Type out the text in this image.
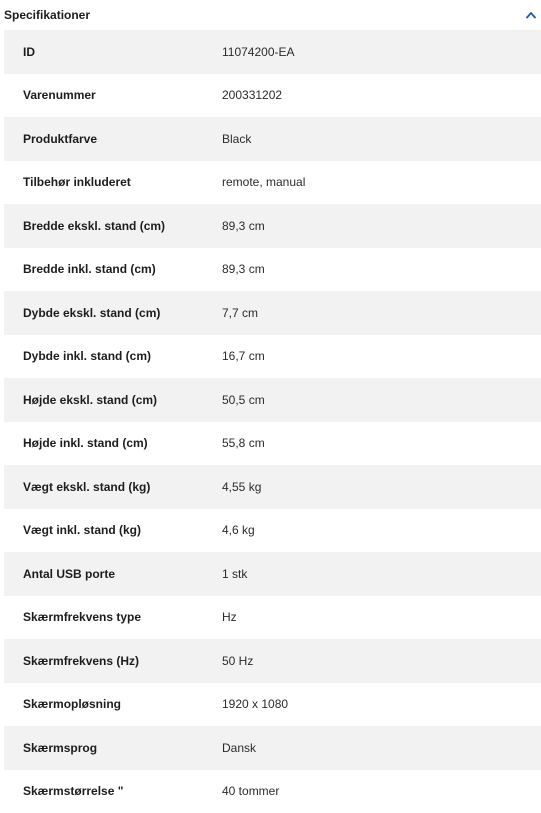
Specifikationer
ID	11074200-EA
Varenummer	200331202
Produktfarve	Black
Tilbehør inkluderet	remote, manual
Bredde ekskl. stand (cm)	89,3 cm
Bredde inkl. stand (cm)	89,3 cm
Dybde ekskl. stand (cm)	7,7 cm
Dybde inkl. stand (cm)	16,7 cm
Højde ekskl. stand (cm)	50,5 cm
Højde inkl. stand (cm)	55,8 cm
Vægt ekskl. stand (kg)	4,55 kg
Vægt inkl. stand (kg)	4,6 kg
Antal USB porte	1 stk
Skærmfrekvens type	Hz
Skærmfrekvens (Hz)	50 Hz
Skærmopløsning	1920 x 1080
Skærmsprog	Dansk
Skærmstørrelse "	40 tommer
